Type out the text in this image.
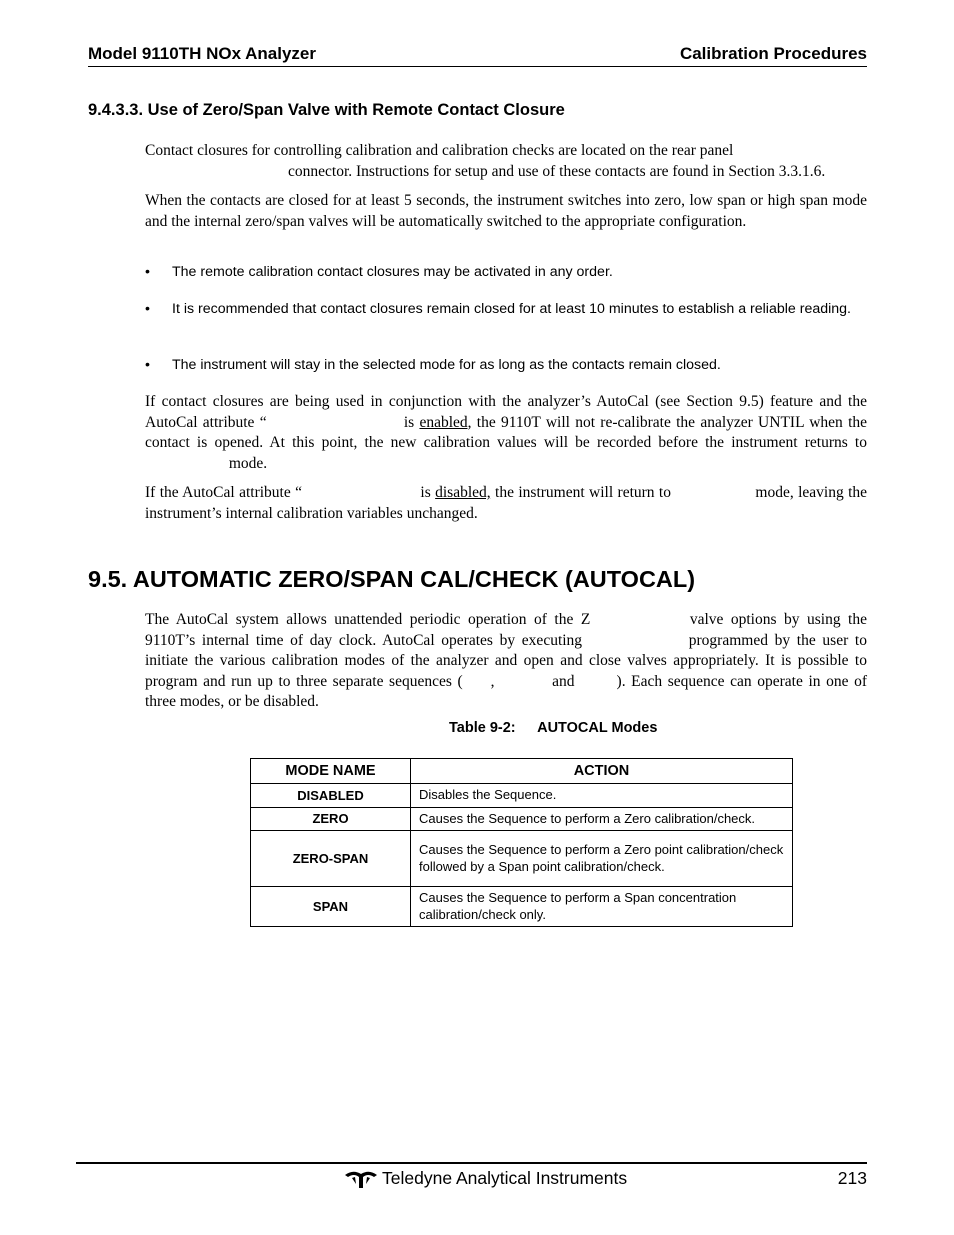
Model 9110TH NOx Analyzer	Calibration Procedures
9.4.3.3. Use of Zero/Span Valve with Remote Contact Closure

Contact closures for controlling calibration and calibration checks are located on the rear panel

connector. Instructions for setup and use of these contacts are found in Section 3.3.1.6.

When the contacts are closed for at least 5 seconds, the instrument switches into zero, low span or high span mode and the internal zero/span valves will be automatically switched to the appropriate configuration.

•	The remote calibration contact closures may be activated in any order.
•	It is recommended that contact closures remain closed for at least 10 minutes to establish a reliable reading.
•	The instrument will stay in the selected mode for as long as the contacts remain closed.

If contact closures are being used in conjunction with the analyzer’s AutoCal (see Section 9.5) feature and the AutoCal attribute “	is enabled, the 9110T will not re-calibrate the analyzer UNTIL when the contact is opened. At this point, the new calibration values will be recorded before the instrument returns to mode.

If the AutoCal attribute “	is disabled, the instrument will return to	mode, leaving the instrument’s internal calibration variables unchanged.

9.5. AUTOMATIC ZERO/SPAN CAL/CHECK (AUTOCAL)

The AutoCal system allows unattended periodic operation of the Z	valve options by using the 9110T’s internal time of day clock. AutoCal operates by executing	programmed by the user to initiate the various calibration modes of the analyzer and open and close valves appropriately. It is possible to program and run up to three separate sequences ( ,	and	). Each sequence can operate in one of three modes, or be disabled.

Table 9-2: AUTOCAL Modes
MODE NAME	ACTION
DISABLED	Disables the Sequence.
ZERO	Causes the Sequence to perform a Zero calibration/check.
ZERO-SPAN	Causes the Sequence to perform a Zero point calibration/check followed by a Span point calibration/check.
SPAN	Causes the Sequence to perform a Span concentration calibration/check only.
Teledyne Analytical Instruments	213
